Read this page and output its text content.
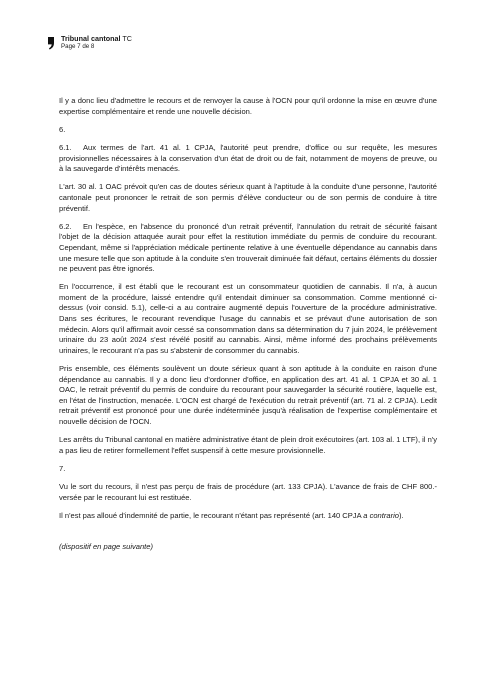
Tribunal cantonal TC
Page 7 de 8

Il y a donc lieu d'admettre le recours et de renvoyer la cause à l'OCN pour qu'il ordonne la mise en œuvre d'une expertise complémentaire et rende une nouvelle décision.

6.

6.1. Aux termes de l'art. 41 al. 1 CPJA, l'autorité peut prendre, d'office ou sur requête, les mesures provisionnelles nécessaires à la conservation d'un état de droit ou de fait, notamment de moyens de preuve, ou à la sauvegarde d'intérêts menacés.

L'art. 30 al. 1 OAC prévoit qu'en cas de doutes sérieux quant à l'aptitude à la conduite d'une personne, l'autorité cantonale peut prononcer le retrait de son permis d'élève conducteur ou de son permis de conduire à titre préventif.

6.2. En l'espèce, en l'absence du prononcé d'un retrait préventif, l'annulation du retrait de sécurité faisant l'objet de la décision attaquée aurait pour effet la restitution immédiate du permis de conduire du recourant. Cependant, même si l'appréciation médicale pertinente relative à une éventuelle dépendance au cannabis dans une mesure telle que son aptitude à la conduite s'en trouverait diminuée fait défaut, certains éléments du dossier ne peuvent pas être ignorés.

En l'occurrence, il est établi que le recourant est un consommateur quotidien de cannabis. Il n'a, à aucun moment de la procédure, laissé entendre qu'il entendait diminuer sa consommation. Comme mentionné ci-dessus (voir consid. 5.1), celle-ci a au contraire augmenté depuis l'ouverture de la procédure administrative. Dans ses écritures, le recourant revendique l'usage du cannabis et se prévaut d'une autorisation de son médecin. Alors qu'il affirmait avoir cessé sa consommation dans sa détermination du 7 juin 2024, le prélèvement urinaire du 23 août 2024 s'est révélé positif au cannabis. Ainsi, même informé des prochains prélèvements urinaires, le recourant n'a pas su s'abstenir de consommer du cannabis.

Pris ensemble, ces éléments soulèvent un doute sérieux quant à son aptitude à la conduite en raison d'une dépendance au cannabis. Il y a donc lieu d'ordonner d'office, en application des art. 41 al. 1 CPJA et 30 al. 1 OAC, le retrait préventif du permis de conduire du recourant pour sauvegarder la sécurité routière, laquelle est, en l'état de l'instruction, menacée. L'OCN est chargé de l'exécution du retrait préventif (art. 71 al. 2 CPJA). Ledit retrait préventif est prononcé pour une durée indéterminée jusqu'à réalisation de l'expertise complémentaire et nouvelle décision de l'OCN.

Les arrêts du Tribunal cantonal en matière administrative étant de plein droit exécutoires (art. 103 al. 1 LTF), il n'y a pas lieu de retirer formellement l'effet suspensif à cette mesure provisionnelle.

7.

Vu le sort du recours, il n'est pas perçu de frais de procédure (art. 133 CPJA). L'avance de frais de CHF 800.- versée par le recourant lui est restituée.

Il n'est pas alloué d'indemnité de partie, le recourant n'étant pas représenté (art. 140 CPJA a contrario).

(dispositif en page suivante)
